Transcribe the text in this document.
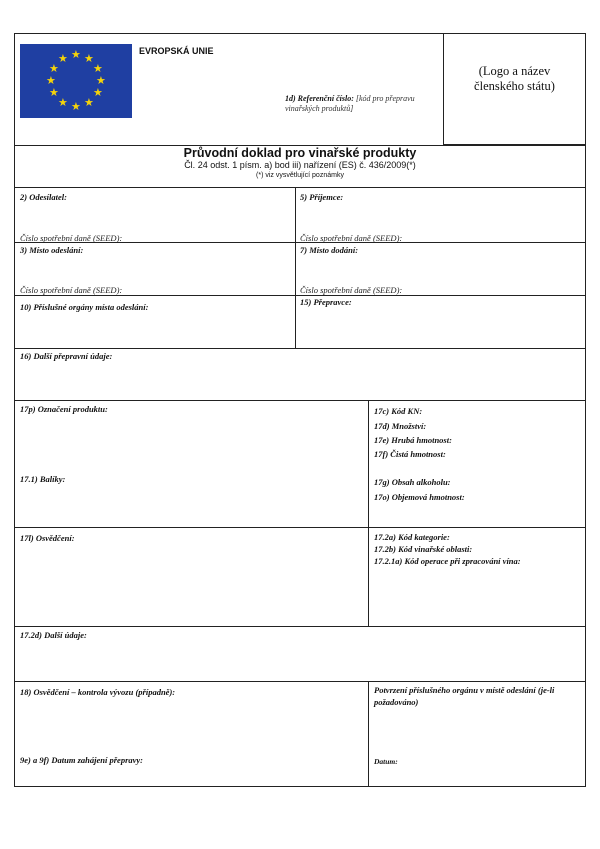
★ ★
★
★
★
★
★
★
★
★
★
★
EVROPSKÁ UNIE
1d) Referenční číslo: [kód pro přepravu vinařských produktů]
(Logo a název členského státu)
Průvodní doklad pro vinařské produkty
Čl. 24 odst. 1 písm. a) bod iii) nařízení (ES) č. 436/2009(*)
(*) viz vysvětlující poznámky
2) Odesílatel:
Číslo spotřební daně (SEED):
5) Příjemce:
Číslo spotřební daně (SEED):
3) Místo odeslání:
Číslo spotřební daně (SEED):
7) Místo dodání:
Číslo spotřební daně (SEED):
10) Příslušné orgány místa odeslání:	15) Přepravce:
16) Další přepravní údaje:
17p) Označení produktu:
17.1) Balíky:
17c) Kód KN:
17d) Množství:
17e) Hrubá hmotnost:
17f) Čistá hmotnost:
17g) Obsah alkoholu:
17o) Objemová hmotnost:
17l) Osvědčení:	17.2a) Kód kategorie:
17.2b) Kód vinařské oblasti:
17.2.1a) Kód operace při zpracování vína:
17.2d) Další údaje:
18) Osvědčení – kontrola vývozu (případně):
9e) a 9f) Datum zahájení přepravy:
Potvrzení příslušného orgánu v místě odeslání (je-li požadováno)
Datum:
